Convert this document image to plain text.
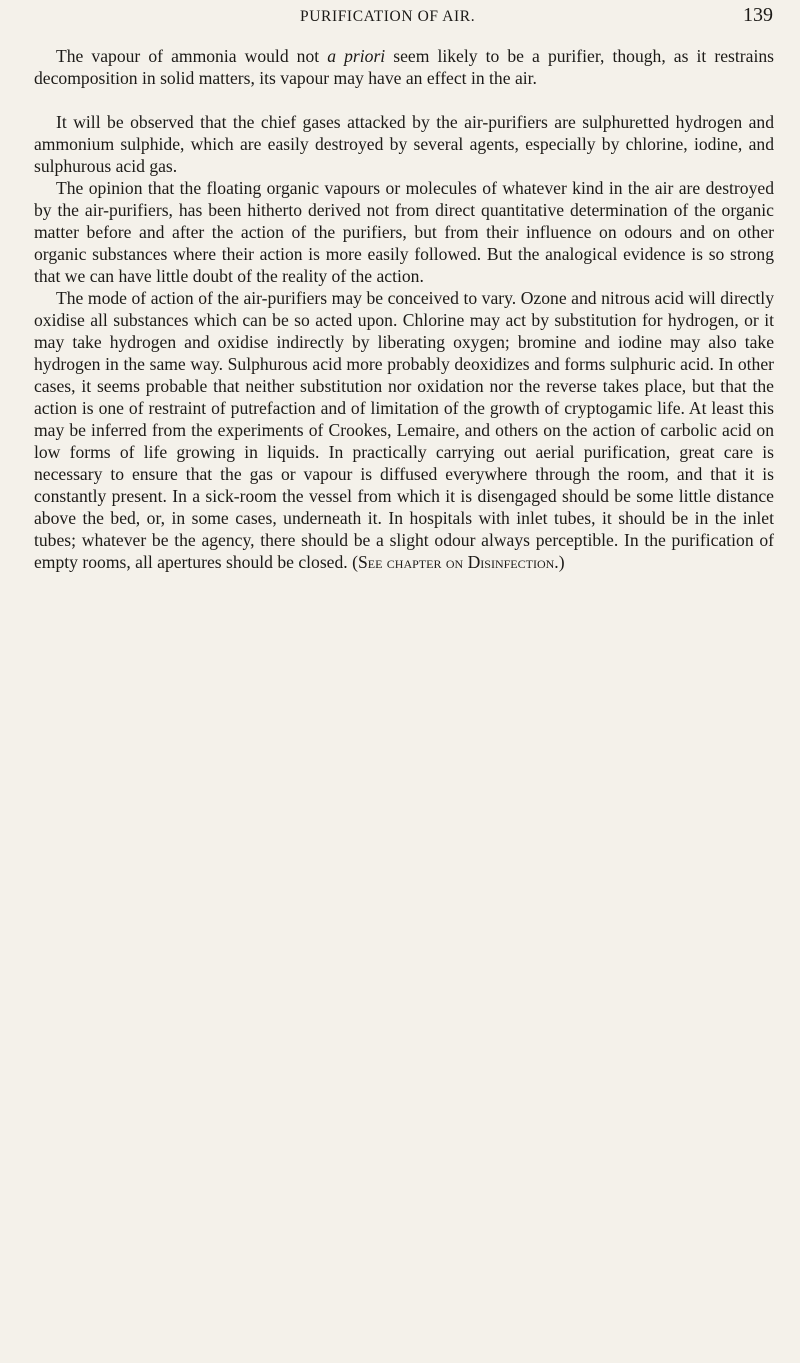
PURIFICATION OF AIR.	139

The vapour of ammonia would not a priori seem likely to be a purifier, though, as it restrains decomposition in solid matters, its vapour may have an effect in the air.

It will be observed that the chief gases attacked by the air-purifiers are sulphuretted hydrogen and ammonium sulphide, which are easily destroyed by several agents, especially by chlorine, iodine, and sulphurous acid gas.

The opinion that the floating organic vapours or molecules of whatever kind in the air are destroyed by the air-purifiers, has been hitherto derived not from direct quantitative determination of the organic matter before and after the action of the purifiers, but from their influence on odours and on other organic substances where their action is more easily followed. But the analogical evidence is so strong that we can have little doubt of the reality of the action.

The mode of action of the air-purifiers may be conceived to vary. Ozone and nitrous acid will directly oxidise all substances which can be so acted upon. Chlorine may act by substitution for hydrogen, or it may take hydrogen and oxidise indirectly by liberating oxygen; bromine and iodine may also take hydrogen in the same way. Sulphurous acid more probably deoxidizes and forms sulphuric acid. In other cases, it seems probable that neither substitution nor oxidation nor the reverse takes place, but that the action is one of restraint of putrefaction and of limitation of the growth of cryptogamic life. At least this may be inferred from the experiments of Crookes, Lemaire, and others on the action of carbolic acid on low forms of life growing in liquids. In practically carrying out aerial purification, great care is necessary to ensure that the gas or vapour is diffused everywhere through the room, and that it is constantly present. In a sick-room the vessel from which it is disengaged should be some little distance above the bed, or, in some cases, underneath it. In hospitals with inlet tubes, it should be in the inlet tubes; whatever be the agency, there should be a slight odour always perceptible. In the purification of empty rooms, all apertures should be closed. (See chapter on Disinfection.)
